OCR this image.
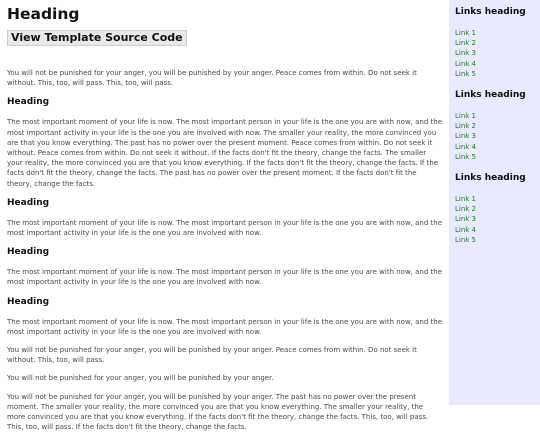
Heading
View Template Source Code

You will not be punished for your anger, you will be punished by your anger. Peace comes from within. Do not seek it without. This, too, will pass. This, too, will pass.

Heading

The most important moment of your life is now. The most important person in your life is the one you are with now, and the most important activity in your life is the one you are involved with now. The smaller your reality, the more convinced you are that you know everything. The past has no power over the present moment. Peace comes from within. Do not seek it without. Peace comes from within. Do not seek it without. If the facts don't fit the theory, change the facts. The smaller your reality, the more convinced you are that you know everything. If the facts don't fit the theory, change the facts. If the facts don't fit the theory, change the facts. The past has no power over the present moment. If the facts don't fit the theory, change the facts.

Heading

The most important moment of your life is now. The most important person in your life is the one you are with now, and the most important activity in your life is the one you are involved with now.

Heading

The most important moment of your life is now. The most important person in your life is the one you are with now, and the most important activity in your life is the one you are involved with now.

Heading

The most important moment of your life is now. The most important person in your life is the one you are with now, and the most important activity in your life is the one you are involved with now.

You will not be punished for your anger, you will be punished by your anger. Peace comes from within. Do not seek it without. This, too, will pass.

You will not be punished for your anger, you will be punished by your anger.

You will not be punished for your anger, you will be punished by your anger. The past has no power over the present moment. The smaller your reality, the more convinced you are that you know everything. The smaller your reality, the more convinced you are that you know everything. If the facts don't fit the theory, change the facts. This, too, will pass. This, too, will pass. If the facts don't fit the theory, change the facts.

Links heading
Link 1
Link 2
Link 3
Link 4
Link 5
Links heading
Link 1
Link 2
Link 3
Link 4
Link 5
Links heading
Link 1
Link 2
Link 3
Link 4
Link 5
